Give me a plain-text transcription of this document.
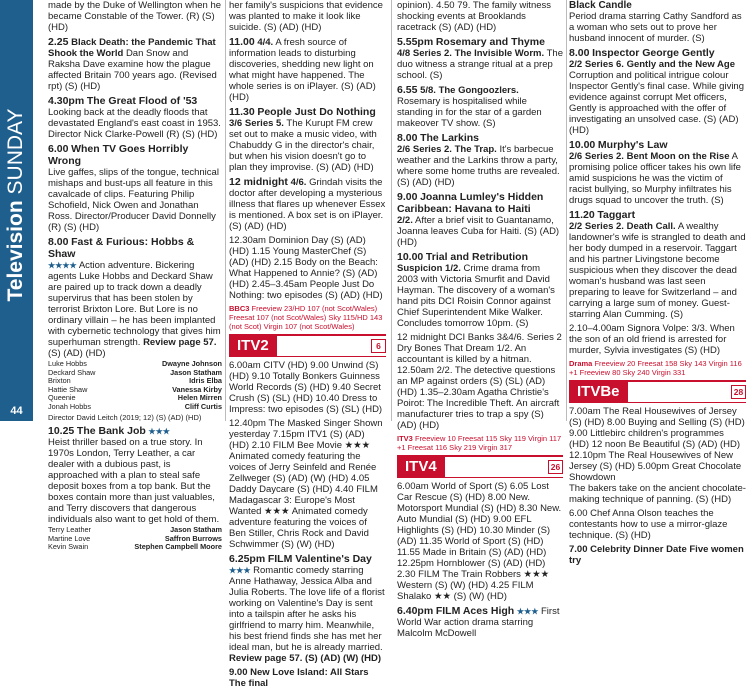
Television SUNDAY
44

made by the Duke of Wellington when he became Constable of the Tower. (R) (S) (HD)

2.25 Black Death: the Pandemic That Shook the World Dan Snow and Raksha Dave examine how the plague affected Britain 700 years ago. (Revised rpt) (S) (HD)

4.30pm The Great Flood of '53
Looking back at the deadly floods that devastated England's east coast in 1953. Director Nick Clarke-Powell (R) (S) (HD)

6.00 When TV Goes Horribly Wrong
Live gaffes, slips of the tongue, technical mishaps and bust-ups all feature in this cavalcade of clips. Featuring Philip Schofield, Nick Owen and Jonathan Ross. Director/Producer David Donnelly (R) (S) (HD)

8.00 Fast & Furious: Hobbs & Shaw
★★★★ Action adventure. Bickering agents Luke Hobbs and Deckard Shaw are paired up to track down a deadly supervirus that has been stolen by terrorist Brixton Lore. But Lore is no ordinary villain – he has been implanted with cybernetic technology that gives him superhuman strength. Review page 57. (S) (AD) (HD)

Luke Hobbs	Dwayne Johnson
Deckard Shaw	Jason Statham
Brixton	Idris Elba
Hattie Shaw	Vanessa Kirby
Queenie	Helen Mirren
Jonah Hobbs	Cliff Curtis

Director David Leitch (2019; 12) (S) (AD) (HD)

10.25 The Bank Job ★★★
Heist thriller based on a true story. In 1970s London, Terry Leather, a car dealer with a dubious past, is approached with a plan to steal safe deposit boxes from a top bank. But the boxes contain more than just valuables, and Terry discovers that dangerous individuals also want to get hold of them.

Terry Leather	Jason Statham
Martine Love	Saffron Burrows
Kevin Swain	Stephen Campbell Moore

her family's suspicions that evidence was planted to make it look like suicide. (S) (AD) (HD)

11.00 4/4. A fresh source of information leads to disturbing discoveries, shedding new light on what might have happened. The whole series is on iPlayer. (S) (AD) (HD)

11.30 People Just Do Nothing
3/6 Series 5. The Kurupt FM crew set out to make a music video, with Chabuddy G in the director's chair, but when his vision doesn't go to plan they improvise. (S) (AD) (HD)

12 midnight 4/6. Grindah visits the doctor after developing a mysterious illness that flares up whenever Essex is mentioned. A box set is on iPlayer. (S) (AD) (HD)

12.30am Dominion Day (S) (AD) (HD) 1.15 Young MasterChef (S) (AD) (HD) 2.15 Body on the Beach: What Happened to Annie? (S) (AD) (HD) 2.45–3.45am People Just Do Nothing: two episodes (S) (AD) (HD)

BBC3 Freeview 23/HD 107 (not Scot/Wales) Freesat 107 (not Scot/Wales) Sky 115/HD 143 (not Scot) Virgin 107 (not Scot/Wales)
ITV2	6

6.00am CITV (HD) 9.00 Unwind (S) (HD) 9.10 Totally Bonkers Guinness World Records (S) (HD) 9.40 Secret Crush (S) (SL) (HD) 10.40 Dress to Impress: two episodes (S) (SL) (HD)

12.40pm The Masked Singer Shown yesterday 7.15pm ITV1 (S) (AD) (HD) 2.10 FILM Bee Movie ★★★ Animated comedy featuring the voices of Jerry Seinfeld and Renée Zellweger (S) (AD) (W) (HD) 4.05 Daddy Daycare (S) (HD) 4.40 FILM Madagascar 3: Europe's Most Wanted ★★★ Animated comedy adventure featuring the voices of Ben Stiller, Chris Rock and David Schwimmer (S) (W) (HD)

6.25pm FILM Valentine's Day ★★★ Romantic comedy starring Anne Hathaway, Jessica Alba and Julia Roberts. The love life of a florist working on Valentine's Day is sent into a tailspin after he asks his girlfriend to marry him. Meanwhile, his best friend finds she has met her ideal man, but he is already married. Review page 57. (S) (AD) (W) (HD)

9.00 New Love Island: All Stars The final

opinion). 4.50 79. The family witness shocking events at Brooklands racetrack (S) (AD) (HD)

5.55pm Rosemary and Thyme
4/8 Series 2. The Invisible Worm. The duo witness a strange ritual at a prep school. (S)

6.55 5/8. The Gongoozlers. Rosemary is hospitalised while standing in for the star of a garden makeover TV show. (S)

8.00 The Larkins
2/6 Series 2. The Trap. It's barbecue weather and the Larkins throw a party, where some home truths are revealed. (S) (AD) (HD)

9.00 Joanna Lumley's Hidden Caribbean: Havana to Haiti
2/2. After a brief visit to Guantanamo, Joanna leaves Cuba for Haiti. (S) (AD) (HD)

10.00 Trial and Retribution
Suspicion 1/2. Crime drama from 2003 with Victoria Smurfit and David Hayman. The discovery of a woman's hand pits DCI Roisin Connor against Chief Superintendent Mike Walker. Concludes tomorrow 10pm. (S)

12 midnight DCI Banks 3&4/6. Series 2 Dry Bones That Dream 1/2. An accountant is killed by a hitman. 12.50am 2/2. The detective questions an MP against orders (S) (SL) (AD) (HD) 1.35–2.30am Agatha Christie's Poirot: The Incredible Theft. An aircraft manufacturer tries to trap a spy (S) (AD) (HD)

ITV3 Freeview 10 Freesat 115 Sky 119 Virgin 117 +1 Freesat 116 Sky 219 Virgin 317
ITV4	26

6.00am World of Sport (S) 6.05 Lost Car Rescue (S) (HD) 8.00 New. Motorsport Mundial (S) (HD) 8.30 New. Auto Mundial (S) (HD) 9.00 EFL Highlights (S) (HD) 10.30 Minder (S) (AD) 11.35 World of Sport (S) (HD) 11.55 Made in Britain (S) (AD) (HD) 12.25pm Hornblower (S) (AD) (HD) 2.30 FILM The Train Robbers ★★★ Western (S) (W) (HD) 4.25 FILM Shalako ★★ (S) (W) (HD)

6.40pm FILM Aces High ★★★ First World War action drama starring Malcolm McDowell

Black Candle

Period drama starring Cathy Sandford as a woman who sets out to prove her husband innocent of murder. (S)

8.00 Inspector George Gently
2/2 Series 6. Gently and the New Age Corruption and political intrigue colour Inspector Gently's final case. While giving evidence against corrupt Met officers, Gently is approached with the offer of investigating an unsolved case. (S) (AD) (HD)

10.00 Murphy's Law
2/6 Series 2. Bent Moon on the Rise A promising police officer takes his own life amid suspicions he was the victim of racist bullying, so Murphy infiltrates his drugs squad to uncover the truth. (S)

11.20 Taggart
2/2 Series 2. Death Call. A wealthy landowner's wife is strangled to death and her body dumped in a reservoir. Taggart and his partner Livingstone become suspicious when they discover the dead woman's husband was last seen preparing to leave for Switzerland – and carrying a large sum of money. Guest-starring Alan Cumming. (S)

2.10–4.00am Signora Volpe: 3/3. When the son of an old friend is arrested for murder, Sylvia investigates (S) (HD)

Drama Freeview 20 Freesat 158 Sky 143 Virgin 116 +1 Freeview 80 Sky 240 Virgin 331
ITVBe	28

7.00am The Real Housewives of Jersey (S) (HD) 8.00 Buying and Selling (S) (HD) 9.00 Littlebirc children's programmes (HD) 12 noon Be Beautiful (S) (AD) (HD) 12.10pm The Real Housewives of New Jersey (S) (HD) 5.00pm Great Chocolate Showdown

The bakers take on the ancient chocolate-making technique of panning. (S) (HD)

6.00 Chef Anna Olson teaches the contestants how to use a mirror-glaze technique. (S) (HD)

7.00 Celebrity Dinner Date Five women try
